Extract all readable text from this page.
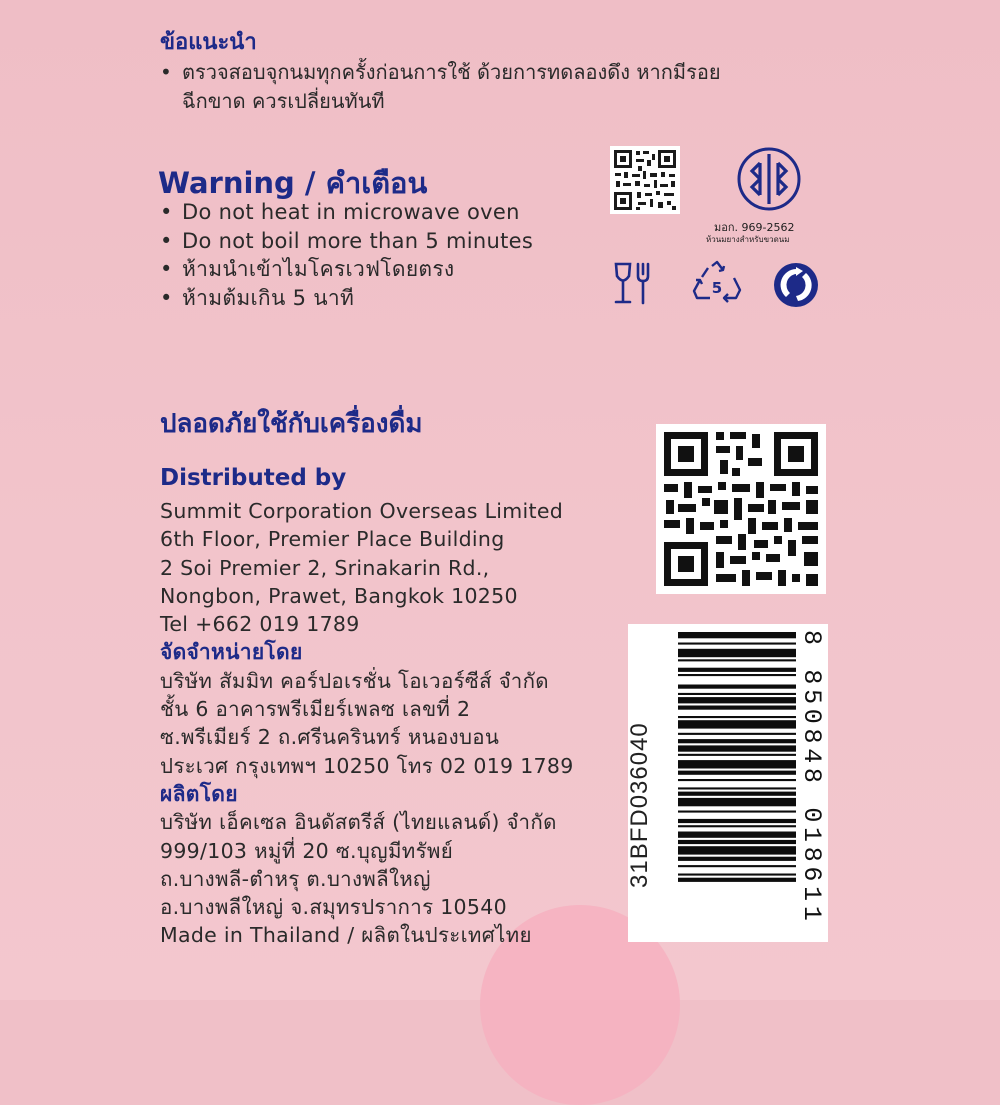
ข้อแนะนำ
• ตรวจสอบจุกนมทุกครั้งก่อนการใช้ ด้วยการทดลองดึง หากมีรอย
ฉีกขาด ควรเปลี่ยนทันที
Warning / คำเตือน
• Do not heat in microwave oven
• Do not boil more than 5 minutes
• ห้ามนำเข้าไมโครเวฟโดยตรง
• ห้ามต้มเกิน 5 นาที
มอก. 969-2562
ห้วนมยางสำหรับขวดนม
5
ปลอดภัยใช้กับเครื่องดื่ม
Distributed by
Summit Corporation Overseas Limited
6th Floor, Premier Place Building
2 Soi Premier 2, Srinakarin Rd.,
Nongbon, Prawet, Bangkok 10250
Tel +662 019 1789
จัดจำหน่ายโดย
บริษัท สัมมิท คอร์ปอเรชั่น โอเวอร์ซีส์ จำกัด
ชั้น 6 อาคารพรีเมียร์เพลซ เลขที่ 2
ซ.พรีเมียร์ 2 ถ.ศรีนครินทร์ หนองบอน
ประเวศ กรุงเทพฯ 10250 โทร 02 019 1789
ผลิตโดย
บริษัท เอ็คเซล อินดัสตรีส์ (ไทยแลนด์) จำกัด
999/103 หมู่ที่ 20 ซ.บุญมีทรัพย์
ถ.บางพลี-ตำหรุ ต.บางพลีใหญ่
อ.บางพลีใหญ่ จ.สมุทรปราการ 10540
Made in Thailand / ผลิตในประเทศไทย
8 850848 018611
31BFD036040
